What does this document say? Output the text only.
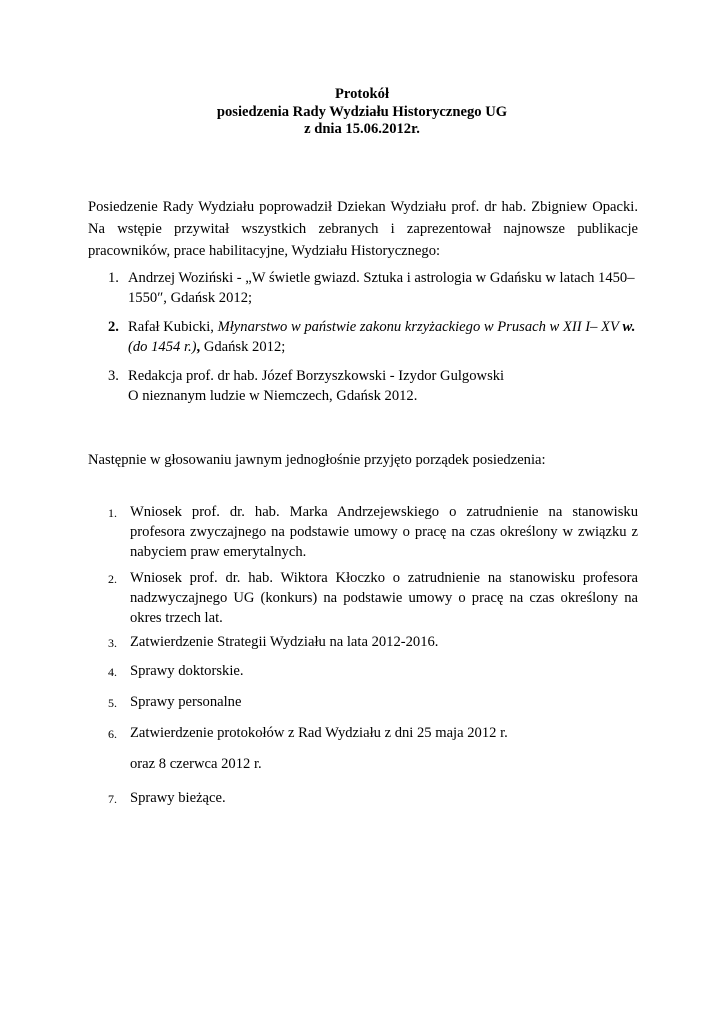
Protokół
posiedzenia Rady Wydziału Historycznego UG
z dnia 15.06.2012r.
Posiedzenie Rady Wydziału poprowadził Dziekan Wydziału prof. dr hab. Zbigniew Opacki.
Na wstępie przywitał wszystkich zebranych i zaprezentował najnowsze publikacje
pracowników, prace habilitacyjne, Wydziału Historycznego:
1. Andrzej Woziński - „W świetle gwiazd. Sztuka i astrologia w Gdańsku w latach 1450–
1550″, Gdańsk 2012;
2. Rafał Kubicki, Młynarstwo w państwie zakonu krzyżackiego w Prusach w XII I– XV w.
(do 1454 r.), Gdańsk 2012;
3. Redakcja prof. dr hab. Józef Borzyszkowski - Izydor Gulgowski
O nieznanym ludzie w Niemczech, Gdańsk 2012.
Następnie w głosowaniu jawnym jednogłośnie przyjęto porządek posiedzenia:
1. Wniosek prof. dr. hab. Marka Andrzejewskiego o zatrudnienie na stanowisku
profesora zwyczajnego na podstawie umowy o pracę na czas określony w związku z
nabyciem praw emerytalnych.
2. Wniosek prof. dr. hab. Wiktora Kłoczko o zatrudnienie na stanowisku profesora
nadzwyczajnego UG (konkurs) na podstawie umowy o pracę na czas określony na
okres trzech lat.
3. Zatwierdzenie Strategii Wydziału na lata 2012-2016.
4. Sprawy doktorskie.
5. Sprawy personalne
6. Zatwierdzenie protokołów z Rad Wydziału z dni 25 maja 2012 r.
oraz 8 czerwca 2012 r.
7. Sprawy bieżące.
